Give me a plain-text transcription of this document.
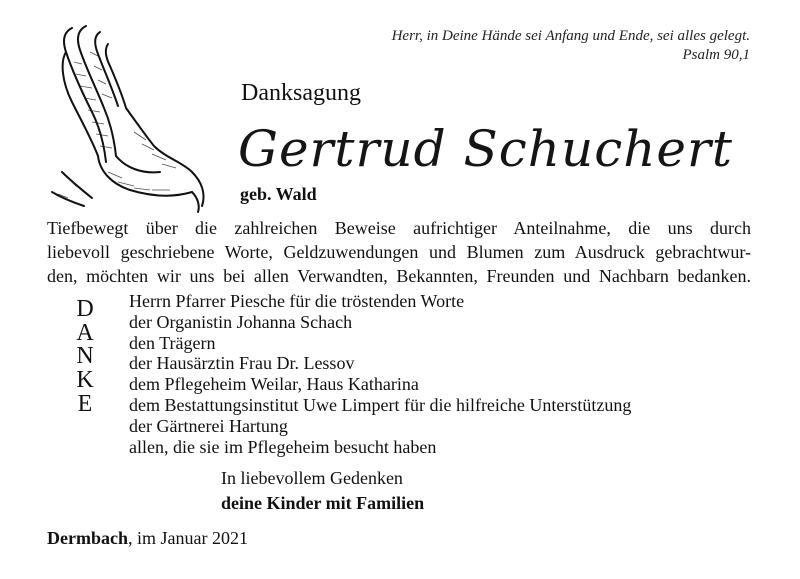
Herr, in Deine Hände sei Anfang und Ende, sei alles gelegt.
Psalm 90,1
Danksagung
Gertrud Schuchert
geb. Wald
Tiefbewegt über die zahlreichen Beweise aufrichtiger Anteilnahme, die uns durch
liebevoll geschriebene Worte, Geldzuwendungen und Blumen zum Ausdruck gebrachtwur-
den, möchten wir uns bei allen Verwandten, Bekannten, Freunden und Nachbarn bedanken.
D
A
N
K
E
Herrn Pfarrer Piesche für die tröstenden Worte
der Organistin Johanna Schach
den Trägern
der Hausärztin Frau Dr. Lessov
dem Pflegeheim Weilar, Haus Katharina
dem Bestattungsinstitut Uwe Limpert für die hilfreiche Unterstützung
der Gärtnerei Hartung
allen, die sie im Pflegeheim besucht haben
In liebevollem Gedenken
deine Kinder mit Familien
Dermbach, im Januar 2021
